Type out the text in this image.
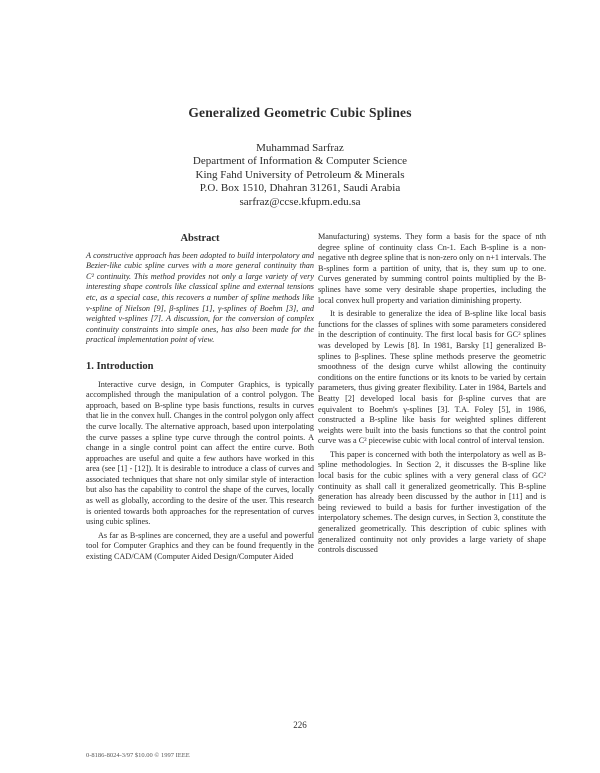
Generalized Geometric Cubic Splines
Muhammad Sarfraz
Department of Information & Computer Science
King Fahd University of Petroleum & Minerals
P.O. Box 1510, Dhahran 31261, Saudi Arabia
sarfraz@ccse.kfupm.edu.sa
Abstract

A constructive approach has been adopted to build interpolatory and Bezier-like cubic spline curves with a more general continuity than C² continuity. This method provides not only a large variety of very interesting shape controls like classical spline and external tensions etc, as a special case, this recovers a number of spline methods like v-spline of Nielson [9], β-splines [1], γ-splines of Boehm [3], and weighted v-splines [7]. A discussion, for the conversion of complex continuity constraints into simple ones, has also been made for the practical implementation point of view.

1. Introduction

Interactive curve design, in Computer Graphics, is typically accomplished through the manipulation of a control polygon. The approach, based on B-spline type basis functions, results in curves that lie in the convex hull. Changes in the control polygon only affect the curve locally. The alternative approach, based upon interpolating the curve passes a spline type curve through the control points. A change in a single control point can affect the entire curve. Both approaches are useful and quite a few authors have worked in this area (see [1] - [12]). It is desirable to introduce a class of curves and associated techniques that share not only similar style of interaction but also has the capability to control the shape of the curves, locally as well as globally, according to the desire of the user. This research is oriented towards both approaches for the representation of curves using cubic splines.

As far as B-splines are concerned, they are a useful and powerful tool for Computer Graphics and they can be found frequently in the existing CAD/CAM (Computer Aided Design/Computer Aided

Manufacturing) systems. They form a basis for the space of nth degree spline of continuity class Cn-1. Each B-spline is a non-negative nth degree spline that is non-zero only on n+1 intervals. The B-splines form a partition of unity, that is, they sum up to one. Curves generated by summing control points multiplied by the B-splines have some very desirable shape properties, including the local convex hull property and variation diminishing property.

It is desirable to generalize the idea of B-spline like local basis functions for the classes of splines with some parameters considered in the description of continuity. The first local basis for GC² splines was developed by Lewis [8]. In 1981, Barsky [1] generalized B-splines to β-splines. These spline methods preserve the geometric smoothness of the design curve whilst allowing the continuity conditions on the entire functions or its knots to be varied by certain parameters, thus giving greater flexibility. Later in 1984, Bartels and Beatty [2] developed local basis for β-spline curves that are equivalent to Boehm's γ-splines [3]. T.A. Foley [5], in 1986, constructed a B-spline like basis for weighted splines different weights were built into the basis functions so that the control point curve was a C² piecewise cubic with local control of interval tension.

This paper is concerned with both the interpolatory as well as B-spline methodologies. In Section 2, it discusses the B-spline like local basis for the cubic splines with a very general class of GC² continuity as shall call it generalized geometrically. This B-spline generation has already been discussed by the author in [11] and is being reviewed to build a basis for further investigation of the interpolatory schemes. The design curves, in Section 3, constitute the generalized geometrically. This description of cubic splines with generalized continuity not only provides a large variety of shape controls discussed

226
0-8186-8024-3/97 $10.00 © 1997 IEEE
